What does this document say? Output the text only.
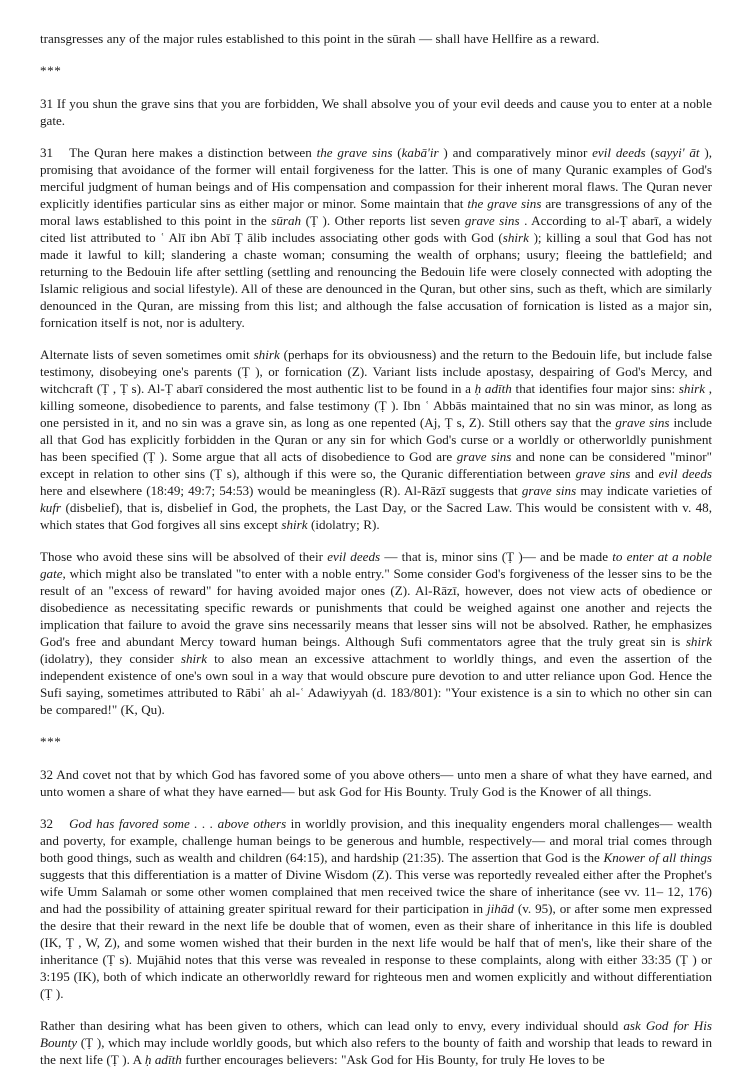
transgresses any of the major rules established to this point in the sūrah — shall have Hellfire as a reward.

***

31 If you shun the grave sins that you are forbidden, We shall absolve you of your evil deeds and cause you to enter at a noble gate.

31 The Quran here makes a distinction between the grave sins (kabā'ir ) and comparatively minor evil deeds (sayyi' āt ), promising that avoidance of the former will entail forgiveness for the latter. This is one of many Quranic examples of God's merciful judgment of human beings and of His compensation and compassion for their inherent moral flaws. The Quran never explicitly identifies particular sins as either major or minor. Some maintain that the grave sins are transgressions of any of the moral laws established to this point in the sūrah (Ṭ ). Other reports list seven grave sins . According to al-Ṭ abarī, a widely cited list attributed to ʿ Alī ibn Abī Ṭ ālib includes associating other gods with God (shirk ); killing a soul that God has not made it lawful to kill; slandering a chaste woman; consuming the wealth of orphans; usury; fleeing the battlefield; and returning to the Bedouin life after settling (settling and renouncing the Bedouin life were closely connected with adopting the Islamic religious and social lifestyle). All of these are denounced in the Quran, but other sins, such as theft, which are similarly denounced in the Quran, are missing from this list; and although the false accusation of fornication is listed as a major sin, fornication itself is not, nor is adultery.

Alternate lists of seven sometimes omit shirk (perhaps for its obviousness) and the return to the Bedouin life, but include false testimony, disobeying one's parents (Ṭ ), or fornication (Z). Variant lists include apostasy, despairing of God's Mercy, and witchcraft (Ṭ , Ṭ s). Al-Ṭ abarī considered the most authentic list to be found in a ḥ adīth that identifies four major sins: shirk , killing someone, disobedience to parents, and false testimony (Ṭ ). Ibn ʿ Abbās maintained that no sin was minor, as long as one persisted in it, and no sin was a grave sin, as long as one repented (Aj, Ṭ s, Z). Still others say that the grave sins include all that God has explicitly forbidden in the Quran or any sin for which God's curse or a worldly or otherworldly punishment has been specified (Ṭ ). Some argue that all acts of disobedience to God are grave sins and none can be considered "minor" except in relation to other sins (Ṭ s), although if this were so, the Quranic differentiation between grave sins and evil deeds here and elsewhere (18:49; 49:7; 54:53) would be meaningless (R). Al-Rāzī suggests that grave sins may indicate varieties of kufr (disbelief), that is, disbelief in God, the prophets, the Last Day, or the Sacred Law. This would be consistent with v. 48, which states that God forgives all sins except shirk (idolatry; R).

Those who avoid these sins will be absolved of their evil deeds — that is, minor sins (Ṭ )— and be made to enter at a noble gate, which might also be translated "to enter with a noble entry." Some consider God's forgiveness of the lesser sins to be the result of an "excess of reward" for having avoided major ones (Z). Al-Rāzī, however, does not view acts of obedience or disobedience as necessitating specific rewards or punishments that could be weighed against one another and rejects the implication that failure to avoid the grave sins necessarily means that lesser sins will not be absolved. Rather, he emphasizes God's free and abundant Mercy toward human beings. Although Sufi commentators agree that the truly great sin is shirk (idolatry), they consider shirk to also mean an excessive attachment to worldly things, and even the assertion of the independent existence of one's own soul in a way that would obscure pure devotion to and utter reliance upon God. Hence the Sufi saying, sometimes attributed to Rābiʿ ah al-ʿ Adawiyyah (d. 183/801): "Your existence is a sin to which no other sin can be compared!" (K, Qu).

***

32 And covet not that by which God has favored some of you above others— unto men a share of what they have earned, and unto women a share of what they have earned— but ask God for His Bounty. Truly God is the Knower of all things.

32 God has favored some . . . above others in worldly provision, and this inequality engenders moral challenges— wealth and poverty, for example, challenge human beings to be generous and humble, respectively— and moral trial comes through both good things, such as wealth and children (64:15), and hardship (21:35). The assertion that God is the Knower of all things suggests that this differentiation is a matter of Divine Wisdom (Z). This verse was reportedly revealed either after the Prophet's wife Umm Salamah or some other women complained that men received twice the share of inheritance (see vv. 11– 12, 176) and had the possibility of attaining greater spiritual reward for their participation in jihād (v. 95), or after some men expressed the desire that their reward in the next life be double that of women, even as their share of inheritance in this life is doubled (IK, Ṭ , W, Z), and some women wished that their burden in the next life would be half that of men's, like their share of the inheritance (Ṭ s). Mujāhid notes that this verse was revealed in response to these complaints, along with either 33:35 (Ṭ ) or 3:195 (IK), both of which indicate an otherworldly reward for righteous men and women explicitly and without differentiation (Ṭ ).

Rather than desiring what has been given to others, which can lead only to envy, every individual should ask God for His Bounty (Ṭ ), which may include worldly goods, but which also refers to the bounty of faith and worship that leads to reward in the next life (Ṭ ). A ḥ adīth further encourages believers: "Ask God for His Bounty, for truly He loves to be
